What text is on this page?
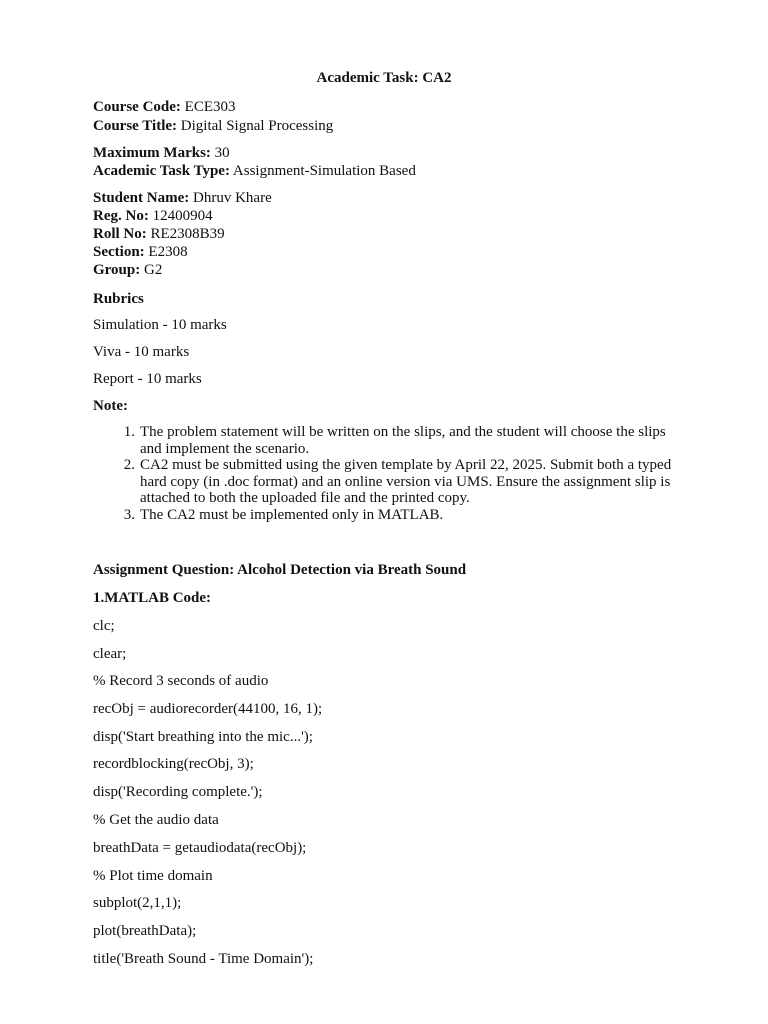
Academic Task: CA2
Course Code: ECE303
Course Title: Digital Signal Processing
Maximum Marks: 30
Academic Task Type: Assignment-Simulation Based
Student Name: Dhruv Khare
Reg. No: 12400904
Roll No: RE2308B39
Section: E2308
Group: G2
Rubrics
Simulation - 10 marks
Viva - 10 marks
Report - 10 marks
Note:
1. The problem statement will be written on the slips, and the student will choose the slips and implement the scenario.
2. CA2 must be submitted using the given template by April 22, 2025. Submit both a typed hard copy (in .doc format) and an online version via UMS. Ensure the assignment slip is attached to both the uploaded file and the printed copy.
3. The CA2 must be implemented only in MATLAB.
Assignment Question: Alcohol Detection via Breath Sound
1.MATLAB Code:
clc;
clear;
% Record 3 seconds of audio
recObj = audiorecorder(44100, 16, 1);
disp('Start breathing into the mic...');
recordblocking(recObj, 3);
disp('Recording complete.');
% Get the audio data
breathData = getaudiodata(recObj);
% Plot time domain
subplot(2,1,1);
plot(breathData);
title('Breath Sound - Time Domain');
